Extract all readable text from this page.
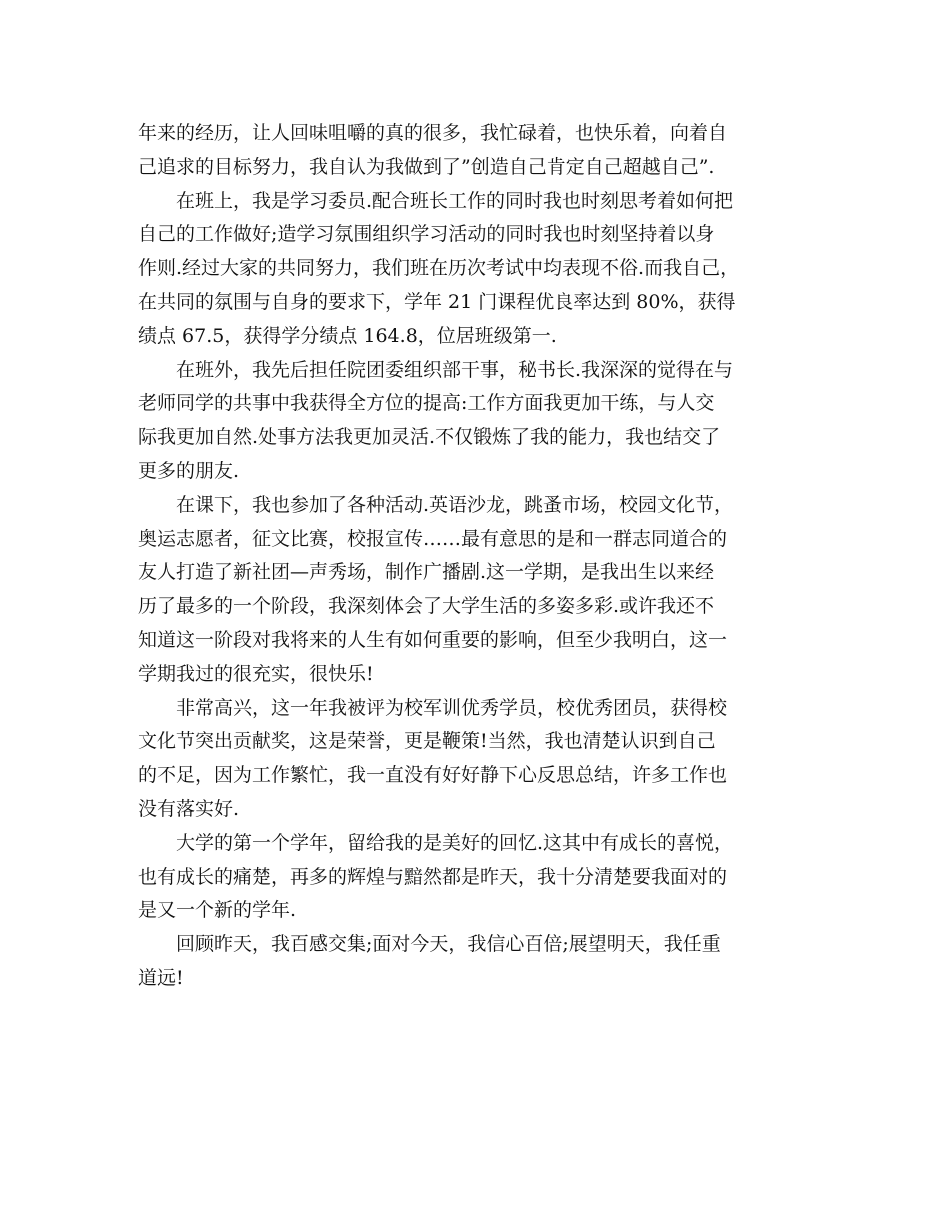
年来的经历，让人回味咀嚼的真的很多，我忙碌着，也快乐着，向着自
己追求的目标努力，我自认为我做到了”创造自己肯定自己超越自己”.
在班上，我是学习委员.配合班长工作的同时我也时刻思考着如何把
自己的工作做好;造学习氛围组织学习活动的同时我也时刻坚持着以身
作则.经过大家的共同努力，我们班在历次考试中均表现不俗.而我自己，
在共同的氛围与自身的要求下，学年 21 门课程优良率达到 80%，获得
绩点 67.5，获得学分绩点 164.8，位居班级第一.
在班外，我先后担任院团委组织部干事，秘书长.我深深的觉得在与
老师同学的共事中我获得全方位的提高:工作方面我更加干练，与人交
际我更加自然.处事方法我更加灵活.不仅锻炼了我的能力，我也结交了
更多的朋友.
在课下，我也参加了各种活动.英语沙龙，跳蚤市场，校园文化节，
奥运志愿者，征文比赛，校报宣传……最有意思的是和一群志同道合的
友人打造了新社团—声秀场，制作广播剧.这一学期，是我出生以来经
历了最多的一个阶段，我深刻体会了大学生活的多姿多彩.或许我还不
知道这一阶段对我将来的人生有如何重要的影响，但至少我明白，这一
学期我过的很充实，很快乐!
非常高兴，这一年我被评为校军训优秀学员，校优秀团员，获得校
文化节突出贡献奖，这是荣誉，更是鞭策!当然，我也清楚认识到自己
的不足，因为工作繁忙，我一直没有好好静下心反思总结，许多工作也
没有落实好.
大学的第一个学年，留给我的是美好的回忆.这其中有成长的喜悦，
也有成长的痛楚，再多的辉煌与黯然都是昨天，我十分清楚要我面对的
是又一个新的学年.
回顾昨天，我百感交集;面对今天，我信心百倍;展望明天，我任重
道远!
